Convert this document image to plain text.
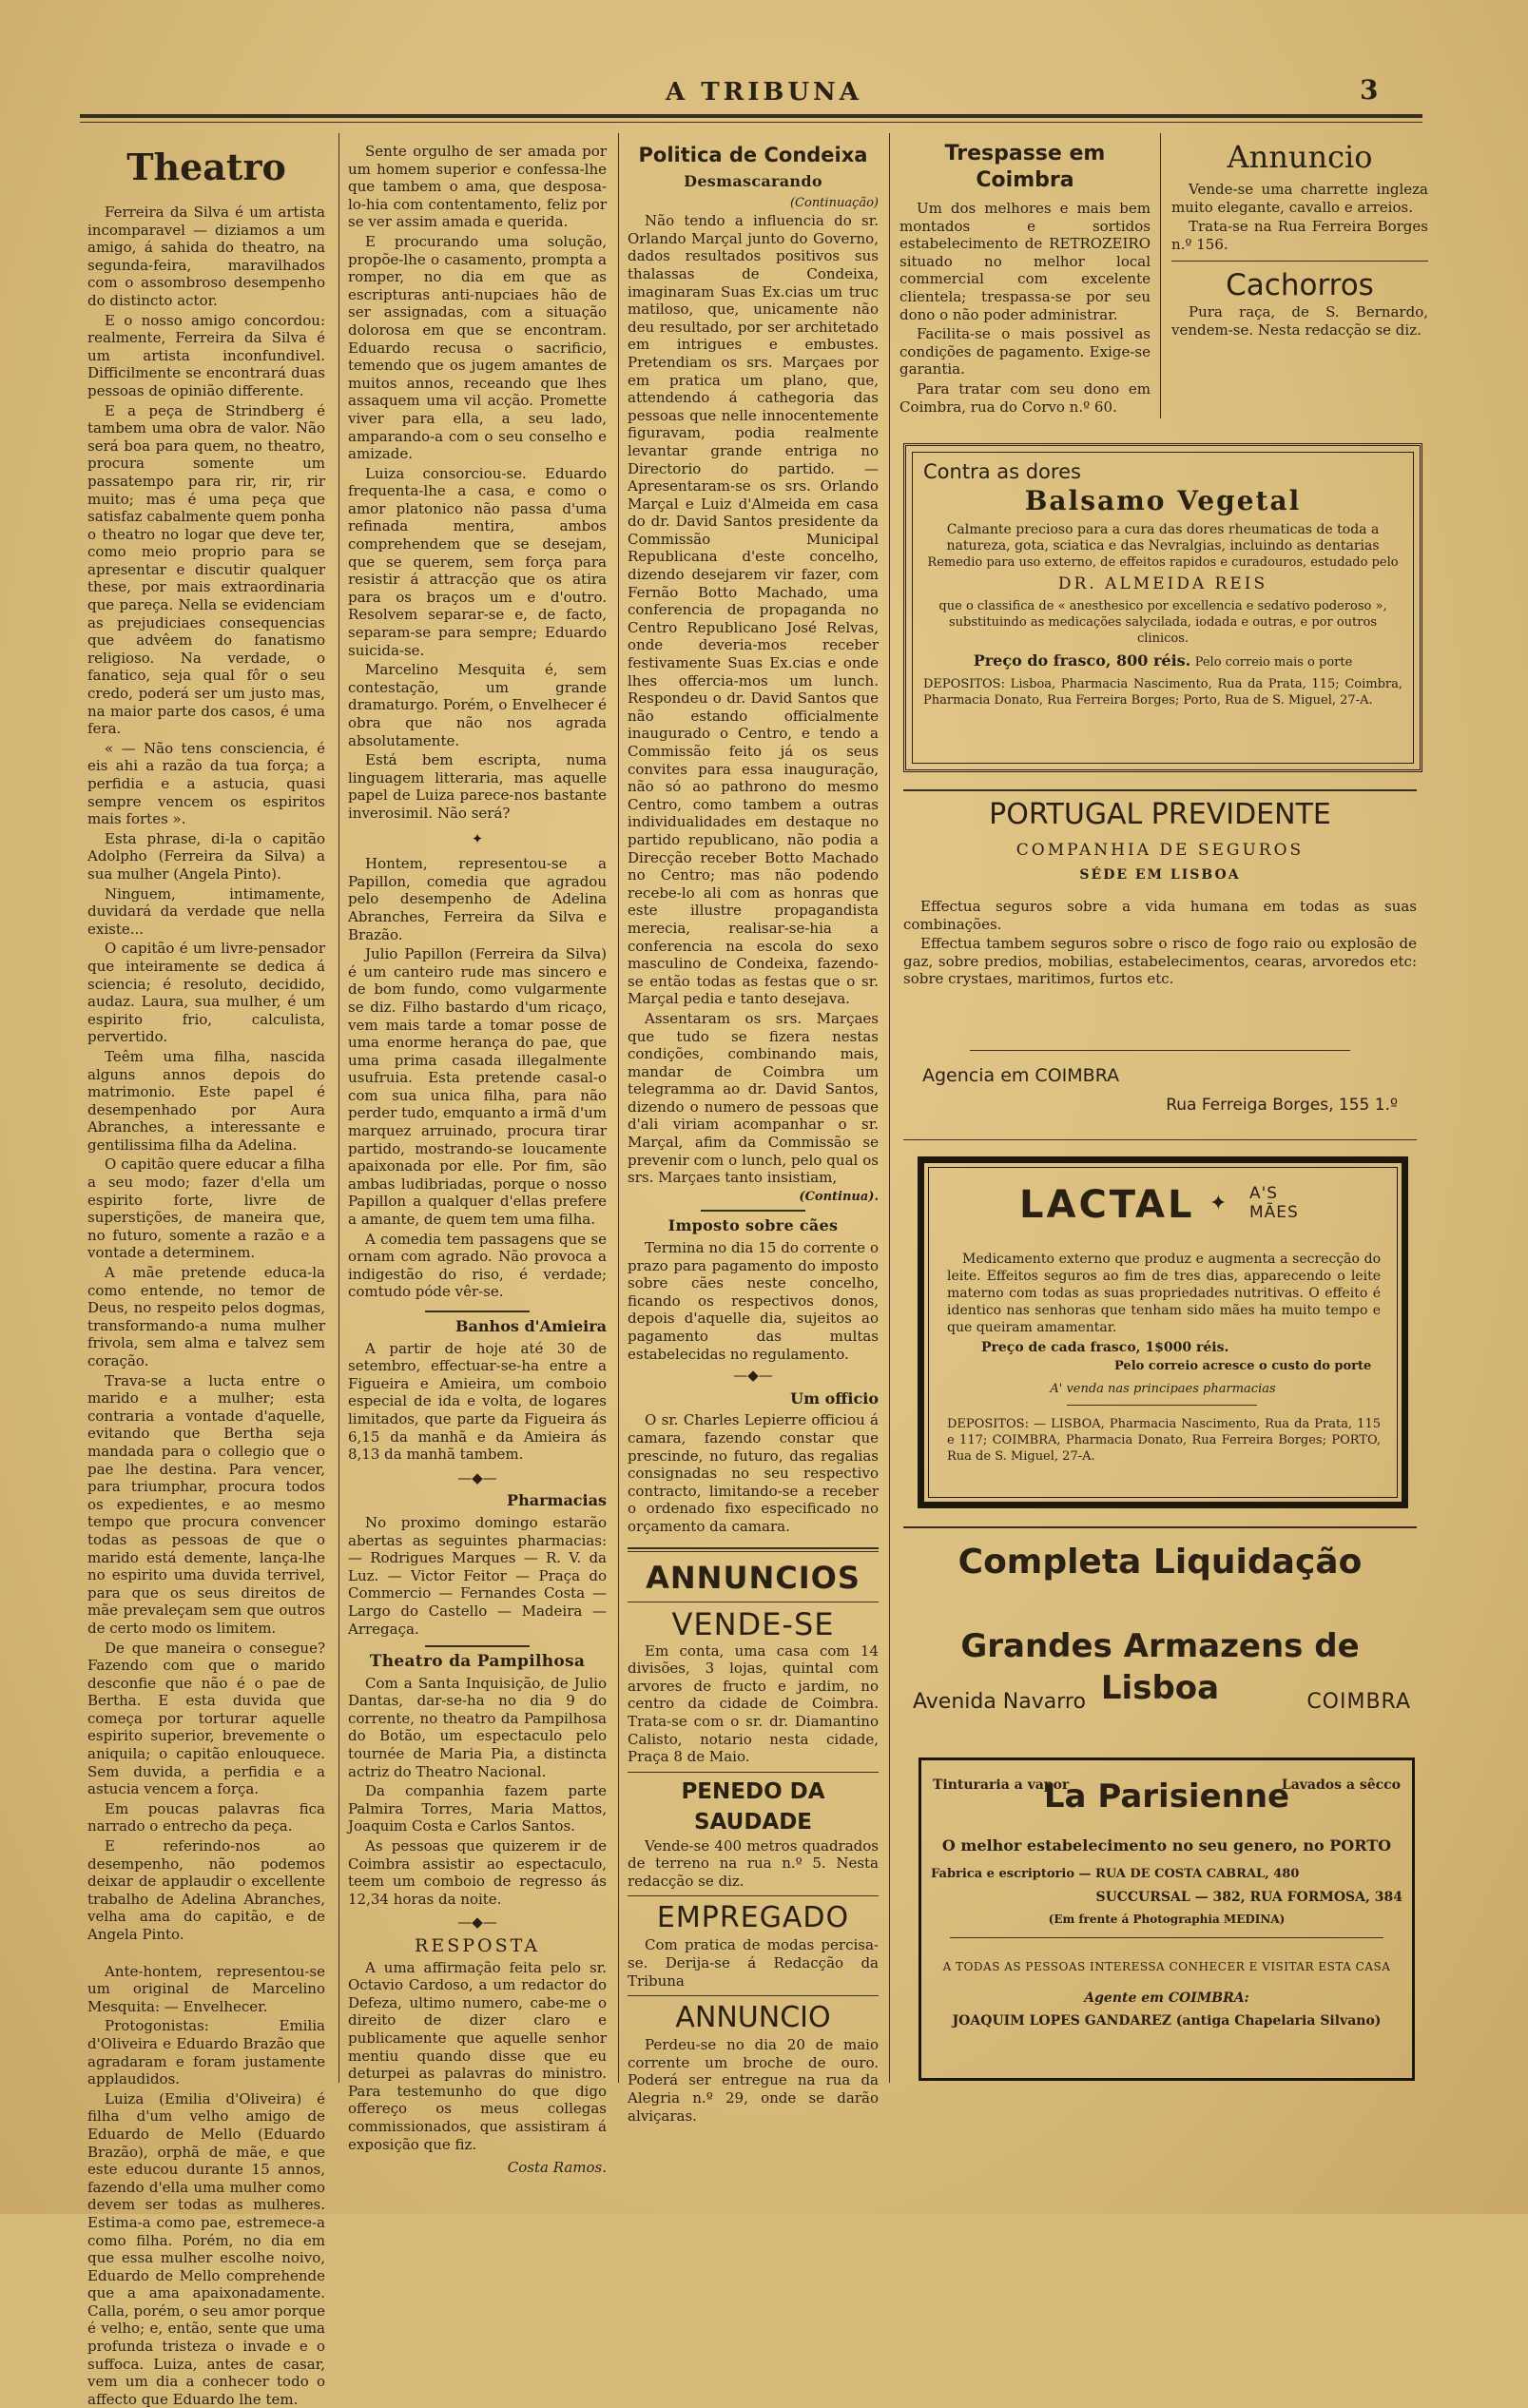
A TRIBUNA	3
Theatro

Ferreira da Silva é um artista incomparavel — diziamos a um amigo, á sahida do theatro, na segunda-feira, maravilhados com o assombroso desempenho do distincto actor.

E o nosso amigo concordou: realmente, Ferreira da Silva é um artista inconfundivel. Difficilmente se encontrará duas pessoas de opinião differente.

E a peça de Strindberg é tambem uma obra de valor. Não será boa para quem, no theatro, procura somente um passatempo para rir, rir, rir muito; mas é uma peça que satisfaz cabalmente quem ponha o theatro no logar que deve ter, como meio proprio para se apresentar e discutir qualquer these, por mais extraordinaria que pareça. Nella se evidenciam as prejudiciaes consequencias que advêem do fanatismo religioso. Na verdade, o fanatico, seja qual fôr o seu credo, poderá ser um justo mas, na maior parte dos casos, é uma fera.

« — Não tens consciencia, é eis ahi a razão da tua força; a perfidia e a astucia, quasi sempre vencem os espiritos mais fortes ».

Esta phrase, di-la o capitão Adolpho (Ferreira da Silva) a sua mulher (Angela Pinto).

Ninguem, intimamente, duvidará da verdade que nella existe...

O capitão é um livre-pensador que inteiramente se dedica á sciencia; é resoluto, decidido, audaz. Laura, sua mulher, é um espirito frio, calculista, pervertido.

Teêm uma filha, nascida alguns annos depois do matrimonio. Este papel é desempenhado por Aura Abranches, a interessante e gentilissima filha da Adelina.

O capitão quere educar a filha a seu modo; fazer d'ella um espirito forte, livre de superstições, de maneira que, no futuro, somente a razão e a vontade a determinem.

A mãe pretende educa-la como entende, no temor de Deus, no respeito pelos dogmas, transformando-a numa mulher frivola, sem alma e talvez sem coração.

Trava-se a lucta entre o marido e a mulher; esta contraria a vontade d'aquelle, evitando que Bertha seja mandada para o collegio que o pae lhe destina. Para vencer, para triumphar, procura todos os expedientes, e ao mesmo tempo que procura convencer todas as pessoas de que o marido está demente, lança-lhe no espirito uma duvida terrivel, para que os seus direitos de mãe prevaleçam sem que outros de certo modo os limitem.

De que maneira o consegue? Fazendo com que o marido desconfie que não é o pae de Bertha. E esta duvida que começa por torturar aquelle espirito superior, brevemente o aniquila; o capitão enlouquece. Sem duvida, a perfidia e a astucia vencem a força.

Em poucas palavras fica narrado o entrecho da peça.

E referindo-nos ao desempenho, não podemos deixar de applaudir o excellente trabalho de Adelina Abranches, velha ama do capitão, e de Angela Pinto.

Ante-hontem, representou-se um original de Marcelino Mesquita: — Envelhecer.

Protogonistas: Emilia d'Oliveira e Eduardo Brazão que agradaram e foram justamente applaudidos.

Luiza (Emilia d'Oliveira) é filha d'um velho amigo de Eduardo de Mello (Eduardo Brazão), orphã de mãe, e que este educou durante 15 annos, fazendo d'ella uma mulher como devem ser todas as mulheres. Estima-a como pae, estremece-a como filha. Porém, no dia em que essa mulher escolhe noivo, Eduardo de Mello comprehende que a ama apaixonadamente. Calla, porém, o seu amor porque é velho; e, então, sente que uma profunda tristeza o invade e o suffoca. Luiza, antes de casar, vem um dia a conhecer todo o affecto que Eduardo lhe tem.

Sente orgulho de ser amada por um homem superior e confessa-lhe que tambem o ama, que desposa-lo-hia com contentamento, feliz por se ver assim amada e querida.

E procurando uma solução, propõe-lhe o casamento, prompta a romper, no dia em que as escripturas anti-nupciaes hão de ser assignadas, com a situação dolorosa em que se encontram. Eduardo recusa o sacrificio, temendo que os jugem amantes de muitos annos, receando que lhes assaquem uma vil acção. Promette viver para ella, a seu lado, amparando-a com o seu conselho e amizade.

Luiza consorciou-se. Eduardo frequenta-lhe a casa, e como o amor platonico não passa d'uma refinada mentira, ambos comprehendem que se desejam, que se querem, sem força para resistir á attracção que os atira para os braços um e d'outro. Resolvem separar-se e, de facto, separam-se para sempre; Eduardo suicida-se.

Marcelino Mesquita é, sem contestação, um grande dramaturgo. Porém, o Envelhecer é obra que não nos agrada absolutamente.

Está bem escripta, numa linguagem litteraria, mas aquelle papel de Luiza parece-nos bastante inverosimil. Não será?

✦

Hontem, representou-se a Papillon, comedia que agradou pelo desempenho de Adelina Abranches, Ferreira da Silva e Brazão.

Julio Papillon (Ferreira da Silva) é um canteiro rude mas sincero e de bom fundo, como vulgarmente se diz. Filho bastardo d'um ricaço, vem mais tarde a tomar posse de uma enorme herança do pae, que uma prima casada illegalmente usufruia. Esta pretende casal-o com sua unica filha, para não perder tudo, emquanto a irmã d'um marquez arruinado, procura tirar partido, mostrando-se loucamente apaixonada por elle. Por fim, são ambas ludibriadas, porque o nosso Papillon a qualquer d'ellas prefere a amante, de quem tem uma filha.

A comedia tem passagens que se ornam com agrado. Não provoca a indigestão do riso, é verdade; comtudo póde vêr-se.

Banhos d'Amieira

A partir de hoje até 30 de setembro, effectuar-se-ha entre a Figueira e Amieira, um comboio especial de ida e volta, de logares limitados, que parte da Figueira ás 6,15 da manhã e da Amieira ás 8,13 da manhã tambem.

—◆—
Pharmacias

No proximo domingo estarão abertas as seguintes pharmacias: — Rodrigues Marques — R. V. da Luz. — Victor Feitor — Praça do Commercio — Fernandes Costa — Largo do Castello — Madeira — Arregaça.

Theatro da Pampilhosa

Com a Santa Inquisição, de Julio Dantas, dar-se-ha no dia 9 do corrente, no theatro da Pampilhosa do Botão, um espectaculo pelo tournée de Maria Pia, a distincta actriz do Theatro Nacional.

Da companhia fazem parte Palmira Torres, Maria Mattos, Joaquim Costa e Carlos Santos.

As pessoas que quizerem ir de Coimbra assistir ao espectaculo, teem um comboio de regresso ás 12,34 horas da noite.

—◆—
RESPOSTA

A uma affirmação feita pelo sr. Octavio Cardoso, a um redactor do Defeza, ultimo numero, cabe-me o direito de dizer claro e publicamente que aquelle senhor mentiu quando disse que eu deturpei as palavras do ministro. Para testemunho do que digo offereço os meus collegas commissionados, que assistiram á exposição que fiz.

Costa Ramos.
Politica de Condeixa
Desmascarando
(Continuação)

Não tendo a influencia do sr. Orlando Marçal junto do Governo, dados resultados positivos sus thalassas de Condeixa, imaginaram Suas Ex.cias um truc matiloso, que, unicamente não deu resultado, por ser architetado em intrigues e embustes. Pretendiam os srs. Marçaes por em pratica um plano, que, attendendo á cathegoria das pessoas que nelle innocentemente figuravam, podia realmente levantar grande entriga no Directorio do partido. — Apresentaram-se os srs. Orlando Marçal e Luiz d'Almeida em casa do dr. David Santos presidente da Commissão Municipal Republicana d'este concelho, dizendo desejarem vir fazer, com Fernão Botto Machado, uma conferencia de propaganda no Centro Republicano José Relvas, onde deveria-mos receber festivamente Suas Ex.cias e onde lhes offercia-mos um lunch. Respondeu o dr. David Santos que não estando officialmente inaugurado o Centro, e tendo a Commissão feito já os seus convites para essa inauguração, não só ao pathrono do mesmo Centro, como tambem a outras individualidades em destaque no partido republicano, não podia a Direcção receber Botto Machado no Centro; mas não podendo recebe-lo ali com as honras que este illustre propagandista merecia, realisar-se-hia a conferencia na escola do sexo masculino de Condeixa, fazendo-se então todas as festas que o sr. Marçal pedia e tanto desejava.

Assentaram os srs. Marçaes que tudo se fizera nestas condições, combinando mais, mandar de Coimbra um telegramma ao dr. David Santos, dizendo o numero de pessoas que d'ali viriam acompanhar o sr. Marçal, afim da Commissão se prevenir com o lunch, pelo qual os srs. Marçaes tanto insistiam,

(Continua).
Imposto sobre cães

Termina no dia 15 do corrente o prazo para pagamento do imposto sobre cães neste concelho, ficando os respectivos donos, depois d'aquelle dia, sujeitos ao pagamento das multas estabelecidas no regulamento.

—◆—
Um officio

O sr. Charles Lepierre officiou á camara, fazendo constar que prescinde, no futuro, das regalias consignadas no seu respectivo contracto, limitando-se a receber o ordenado fixo especificado no orçamento da camara.

ANNUNCIOS
VENDE-SE

Em conta, uma casa com 14 divisões, 3 lojas, quintal com arvores de fructo e jardim, no centro da cidade de Coimbra. Trata-se com o sr. dr. Diamantino Calisto, notario nesta cidade, Praça 8 de Maio.

PENEDO DA SAUDADE

Vende-se 400 metros quadrados de terreno na rua n.º 5. Nesta redacção se diz.

EMPREGADO

Com pratica de modas percisa-se. Derija-se á Redacção da Tribuna

ANNUNCIO

Perdeu-se no dia 20 de maio corrente um broche de ouro. Poderá ser entregue na rua da Alegria n.º 29, onde se darão alviçaras.

Trespasse em Coimbra

Um dos melhores e mais bem montados e sortidos estabelecimento de RETROZEIRO situado no melhor local commercial com excelente clientela; trespassa-se por seu dono o não poder administrar.

Facilita-se o mais possivel as condições de pagamento. Exige-se garantia.

Para tratar com seu dono em Coimbra, rua do Corvo n.º 60.

Annuncio

Vende-se uma charrette ingleza muito elegante, cavallo e arreios.

Trata-se na Rua Ferreira Borges n.º 156.

Cachorros

Pura raça, de S. Bernardo, vendem-se. Nesta redacção se diz.

Contra as dores
Balsamo Vegetal
Calmante precioso para a cura das dores rheumaticas de toda a natureza, gota, sciatica e das Nevralgias, incluindo as dentarias
Remedio para uso externo, de effeitos rapidos e curadouros, estudado pelo
DR. ALMEIDA REIS
que o classifica de « anesthesico por excellencia e sedativo poderoso », substituindo as medicações salycilada, iodada e outras, e por outros clinicos.
Preço do frasco, 800 réis. Pelo correio mais o porte
DEPOSITOS: Lisboa, Pharmacia Nascimento, Rua da Prata, 115; Coimbra, Pharmacia Donato, Rua Ferreira Borges; Porto, Rua de S. Miguel, 27-A.
PORTUGAL PREVIDENTE
COMPANHIA DE SEGUROS
SÉDE EM LISBOA

Effectua seguros sobre a vida humana em todas as suas combinações.

Effectua tambem seguros sobre o risco de fogo raio ou explosão de gaz, sobre predios, mobilias, estabelecimentos, cearas, arvoredos etc: sobre crystaes, maritimos, furtos etc.

Agencia em COIMBRA
Rua Ferreiga Borges, 155 1.º
LACTAL ✦ A'S MÃES
Medicamento externo que produz e augmenta a secrecção do leite. Effeitos seguros ao fim de tres dias, apparecendo o leite materno com todas as suas propriedades nutritivas. O effeito é identico nas senhoras que tenham sido mães ha muito tempo e que queiram amamentar.
Preço de cada frasco, 1$000 réis.
Pelo correio acresce o custo do porte
A' venda nas principaes pharmacias
DEPOSITOS: — LISBOA, Pharmacia Nascimento, Rua da Prata, 115 e 117; COIMBRA, Pharmacia Donato, Rua Ferreira Borges; PORTO, Rua de S. Miguel, 27-A.
Completa Liquidação
Grandes Armazens de Lisboa
Avenida Navarro	COIMBRA
Tinturaria a vapor
La Parisienne
Lavados a sêcco
O melhor estabelecimento no seu genero, no PORTO
Fabrica e escriptorio — RUA DE COSTA CABRAL, 480
SUCCURSAL — 382, RUA FORMOSA, 384
(Em frente á Photographia MEDINA)
A TODAS AS PESSOAS INTERESSA CONHECER E VISITAR ESTA CASA
Agente em COIMBRA:
JOAQUIM LOPES GANDAREZ (antiga Chapelaria Silvano)
